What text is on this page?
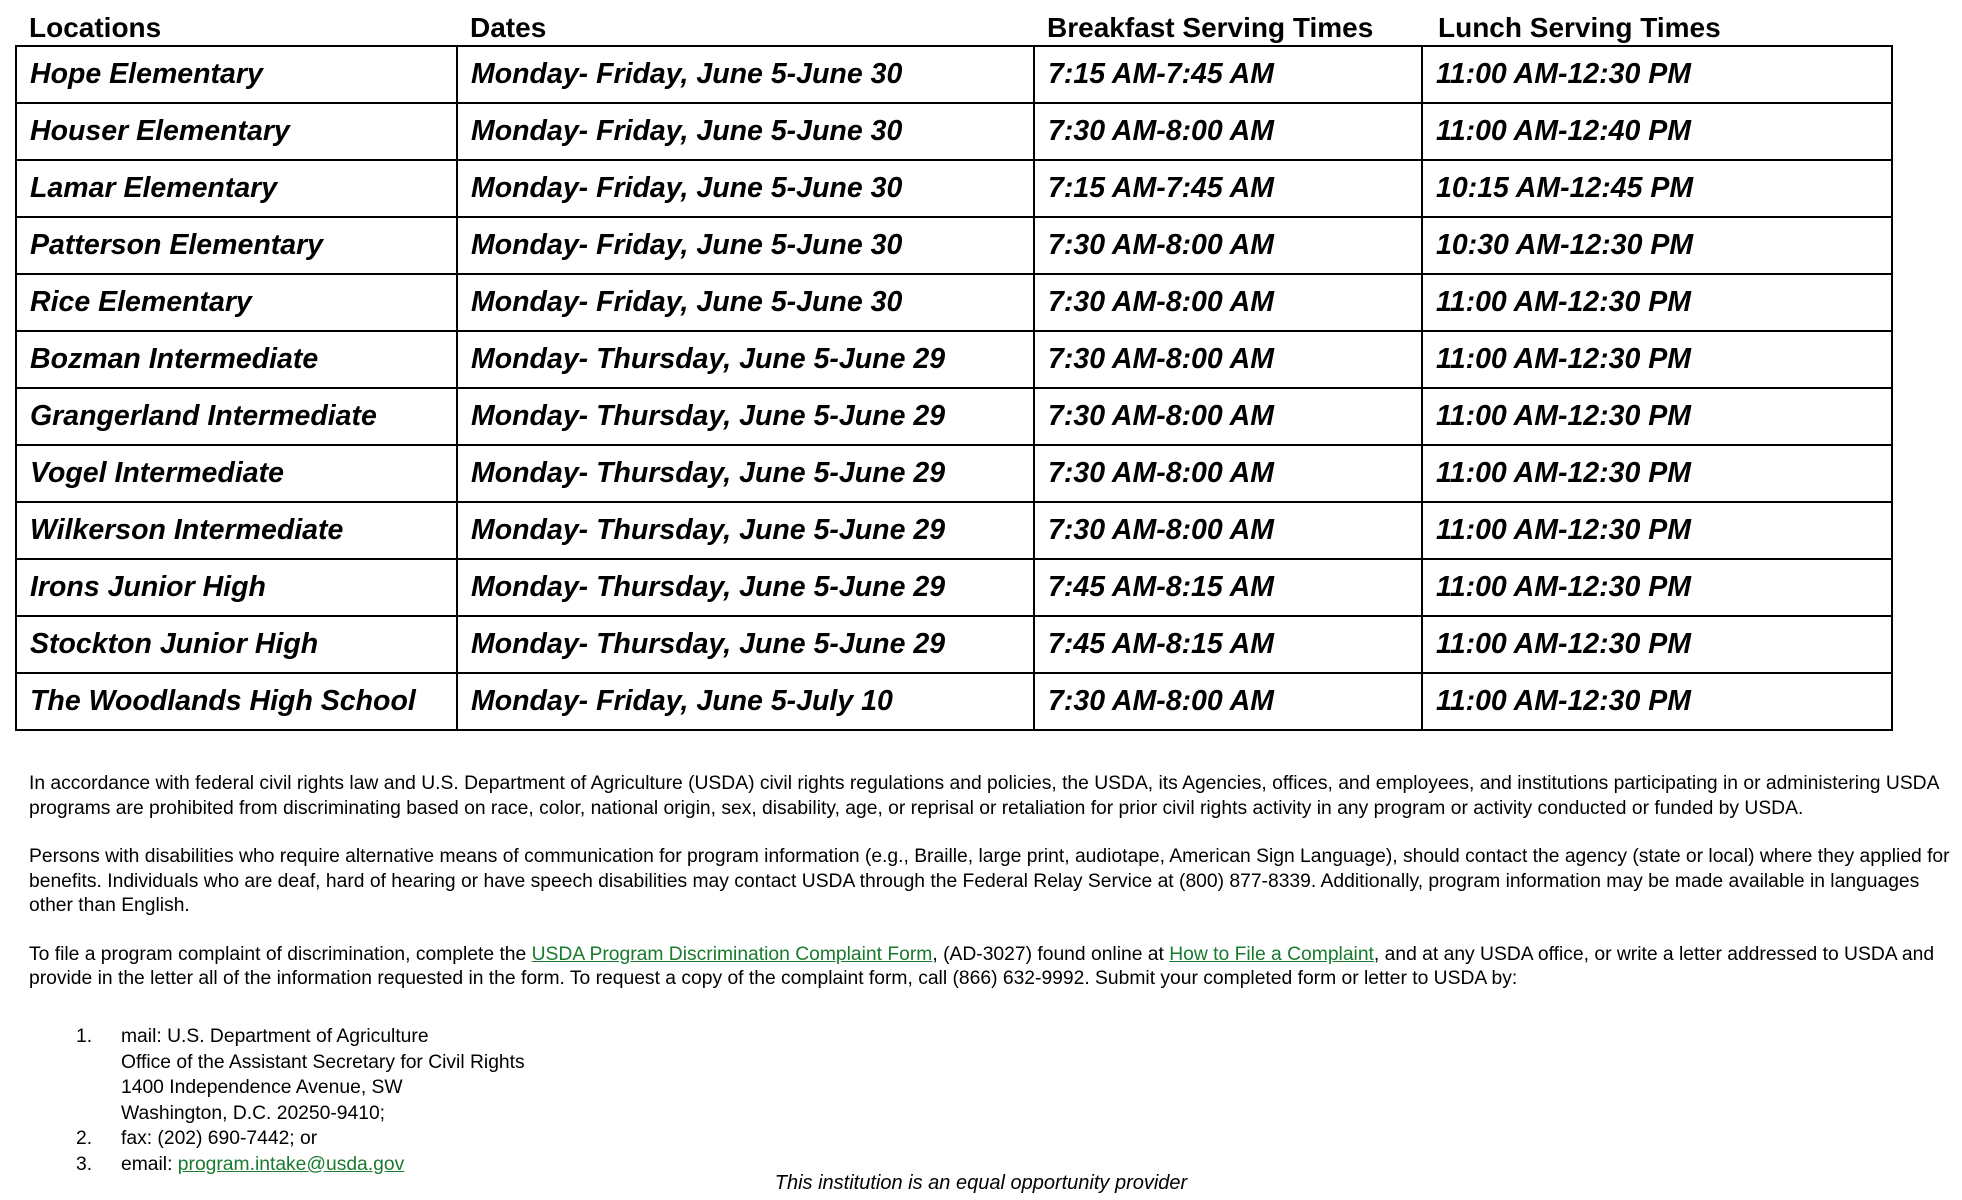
Locations	Dates	Breakfast Serving Times Lunch Serving Times
Hope Elementary	Monday- Friday, June 5-June 30	7:15 AM-7:45 AM	11:00 AM-12:30 PM
Houser Elementary	Monday- Friday, June 5-June 30	7:30 AM-8:00 AM	11:00 AM-12:40 PM
Lamar Elementary	Monday- Friday, June 5-June 30	7:15 AM-7:45 AM	10:15 AM-12:45 PM
Patterson Elementary	Monday- Friday, June 5-June 30	7:30 AM-8:00 AM	10:30 AM-12:30 PM
Rice Elementary	Monday- Friday, June 5-June 30	7:30 AM-8:00 AM	11:00 AM-12:30 PM
Bozman Intermediate	Monday- Thursday, June 5-June 29	7:30 AM-8:00 AM	11:00 AM-12:30 PM
Grangerland Intermediate	Monday- Thursday, June 5-June 29	7:30 AM-8:00 AM	11:00 AM-12:30 PM
Vogel Intermediate	Monday- Thursday, June 5-June 29	7:30 AM-8:00 AM	11:00 AM-12:30 PM
Wilkerson Intermediate	Monday- Thursday, June 5-June 29	7:30 AM-8:00 AM	11:00 AM-12:30 PM
Irons Junior High	Monday- Thursday, June 5-June 29	7:45 AM-8:15 AM	11:00 AM-12:30 PM
Stockton Junior High	Monday- Thursday, June 5-June 29	7:45 AM-8:15 AM	11:00 AM-12:30 PM
The Woodlands High School	Monday- Friday, June 5-July 10	7:30 AM-8:00 AM	11:00 AM-12:30 PM

In accordance with federal civil rights law and U.S. Department of Agriculture (USDA) civil rights regulations and policies, the USDA, its Agencies, offices, and employees, and institutions participating in or administering USDA programs are prohibited from discriminating based on race, color, national origin, sex, disability, age, or reprisal or retaliation for prior civil rights activity in any program or activity conducted or funded by USDA.

Persons with disabilities who require alternative means of communication for program information (e.g., Braille, large print, audiotape, American Sign Language), should contact the agency (state or local) where they applied for benefits. Individuals who are deaf, hard of hearing or have speech disabilities may contact USDA through the Federal Relay Service at (800) 877-8339. Additionally, program information may be made available in languages other than English.

To file a program complaint of discrimination, complete the USDA Program Discrimination Complaint Form, (AD-3027) found online at How to File a Complaint, and at any USDA office, or write a letter addressed to USDA and provide in the letter all of the information requested in the form. To request a copy of the complaint form, call (866) 632-9992. Submit your completed form or letter to USDA by:

1. mail: U.S. Department of Agriculture
Office of the Assistant Secretary for Civil Rights
1400 Independence Avenue, SW
Washington, D.C. 20250-9410;
2. fax: (202) 690-7442; or
3. email: program.intake@usda.gov
This institution is an equal opportunity provider
